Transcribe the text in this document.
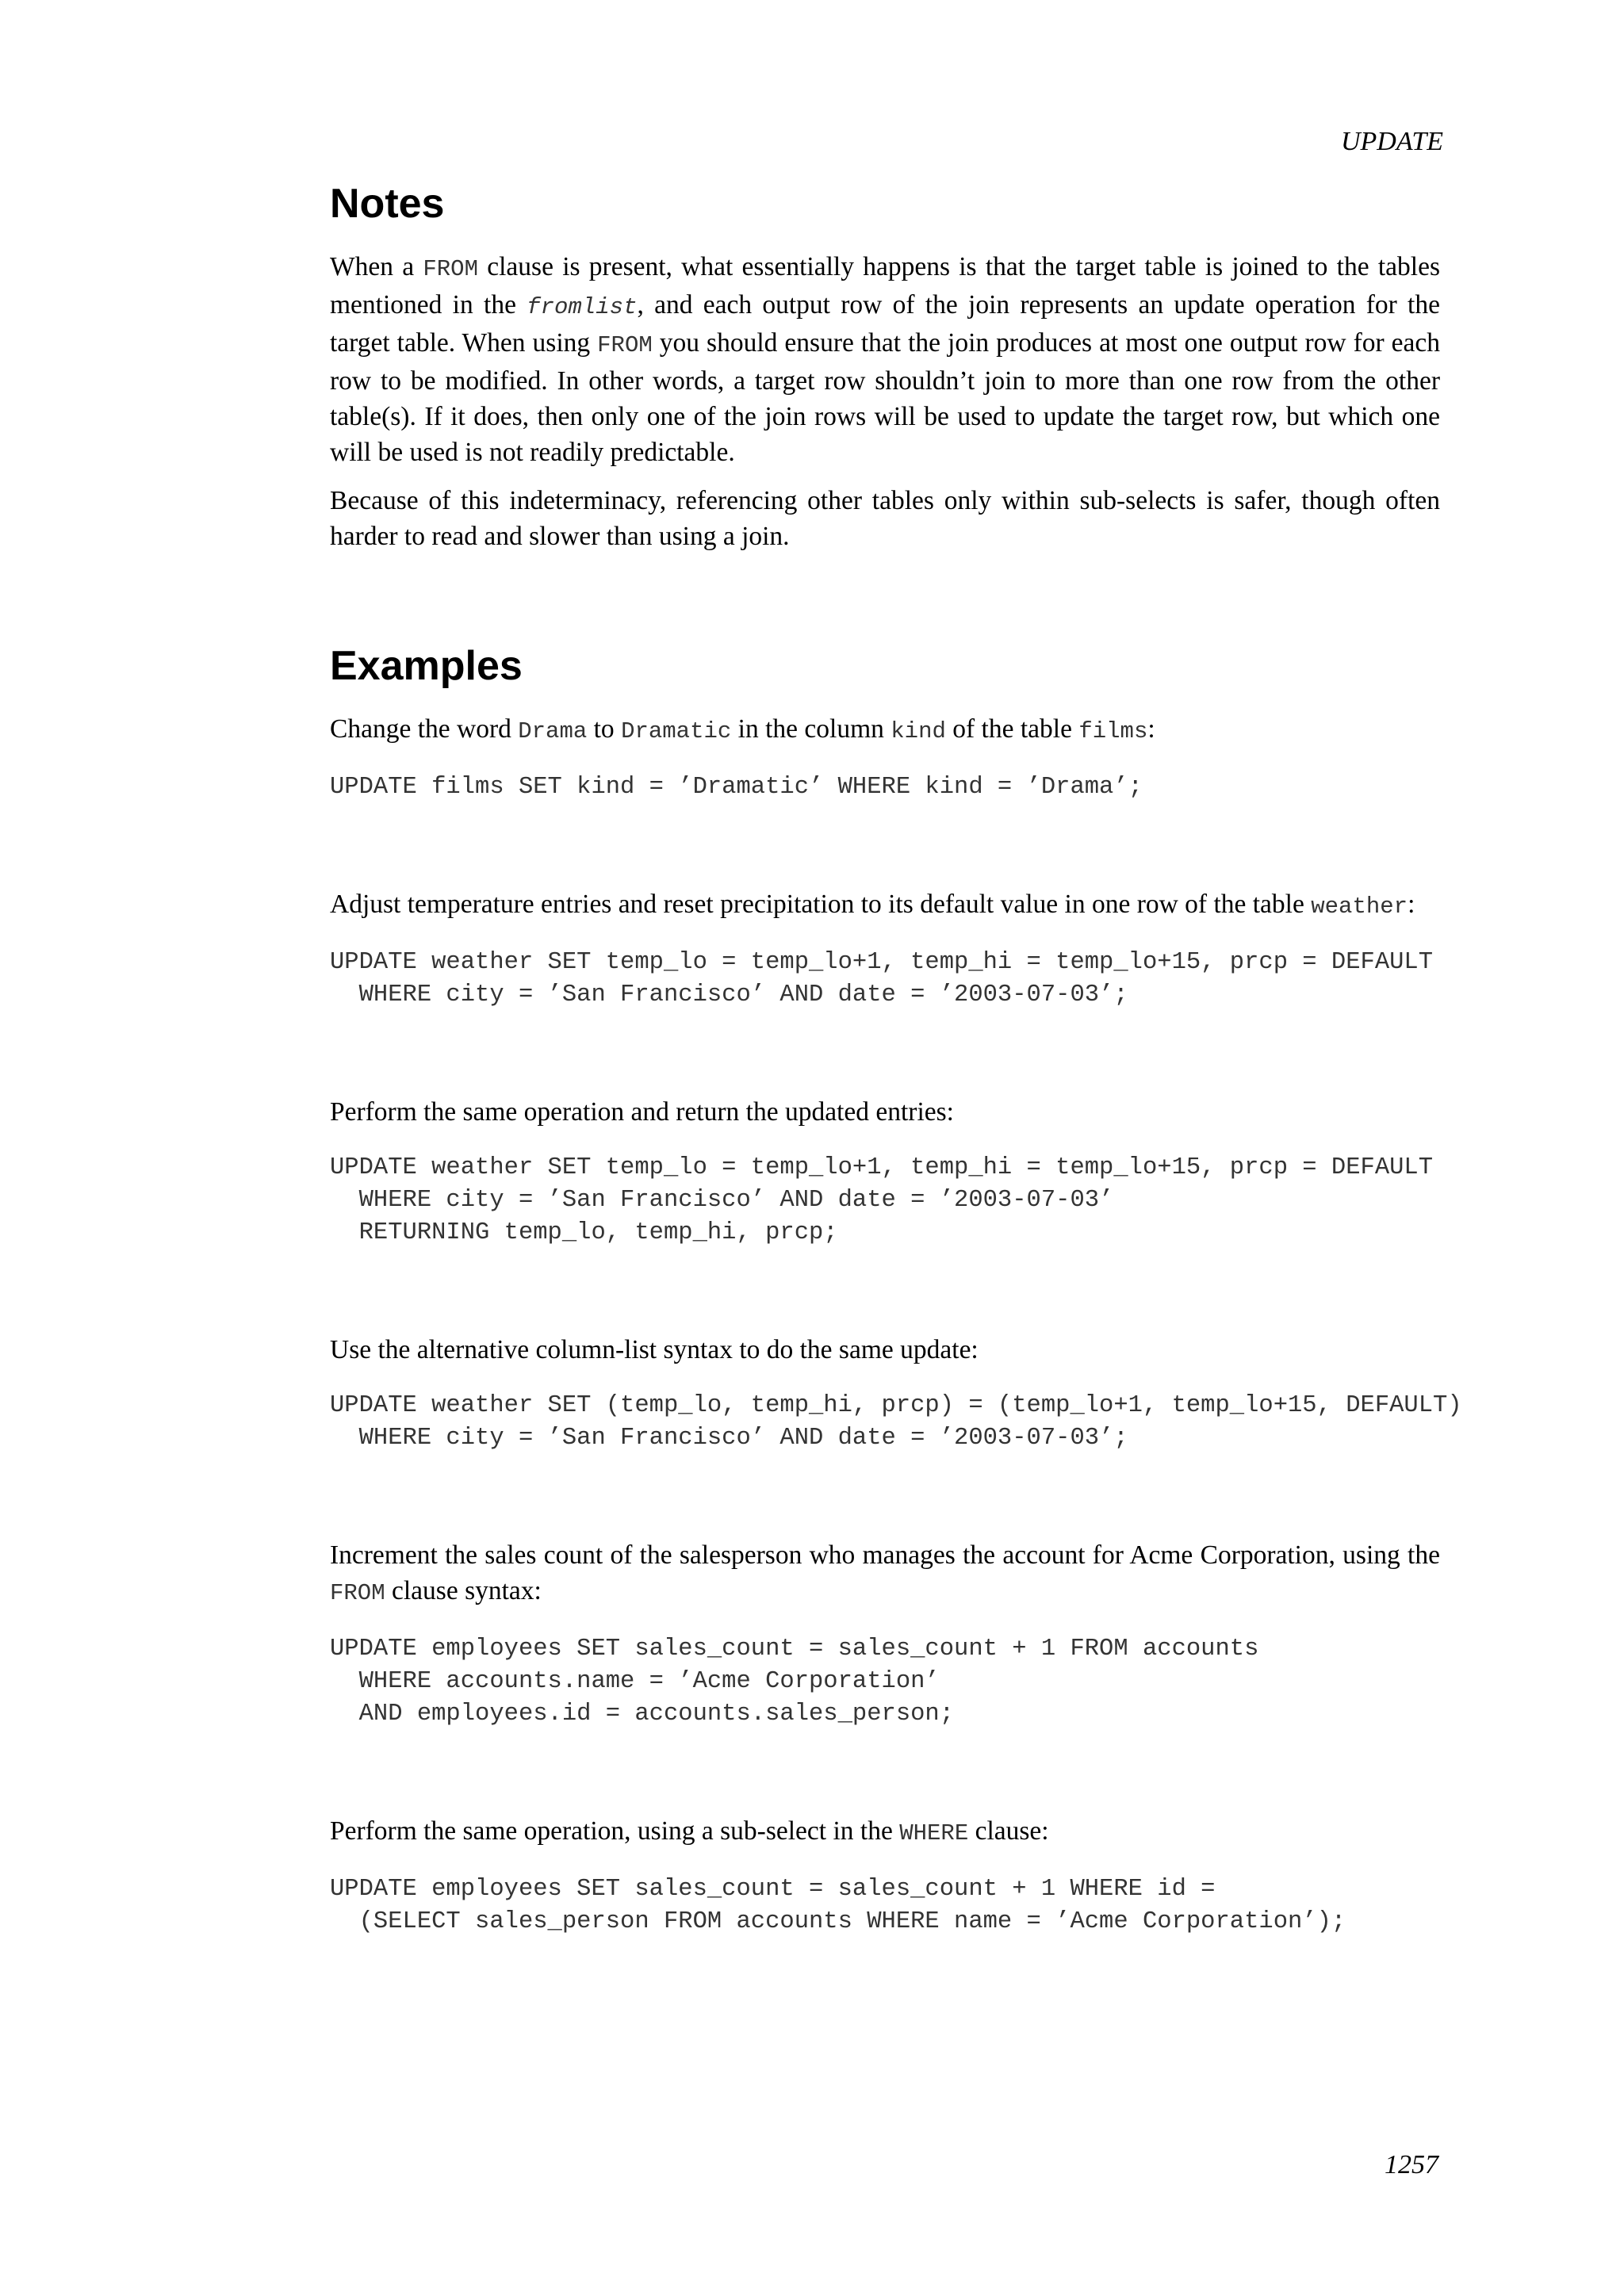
UPDATE
Notes

When a FROM clause is present, what essentially happens is that the target table is joined to the tables mentioned in the fromlist, and each output row of the join represents an update operation for the target table. When using FROM you should ensure that the join produces at most one output row for each row to be modified. In other words, a target row shouldn’t join to more than one row from the other table(s). If it does, then only one of the join rows will be used to update the target row, but which one will be used is not readily predictable.

Because of this indeterminacy, referencing other tables only within sub-selects is safer, though often harder to read and slower than using a join.

Examples

Change the word Drama to Dramatic in the column kind of the table films:

UPDATE films SET kind = ’Dramatic’ WHERE kind = ’Drama’;

Adjust temperature entries and reset precipitation to its default value in one row of the table weather:

UPDATE weather SET temp_lo = temp_lo+1, temp_hi = temp_lo+15, prcp = DEFAULT
WHERE city = ’San Francisco’ AND date = ’2003-07-03’;

Perform the same operation and return the updated entries:

UPDATE weather SET temp_lo = temp_lo+1, temp_hi = temp_lo+15, prcp = DEFAULT
WHERE city = ’San Francisco’ AND date = ’2003-07-03’
RETURNING temp_lo, temp_hi, prcp;

Use the alternative column-list syntax to do the same update:

UPDATE weather SET (temp_lo, temp_hi, prcp) = (temp_lo+1, temp_lo+15, DEFAULT)
WHERE city = ’San Francisco’ AND date = ’2003-07-03’;

Increment the sales count of the salesperson who manages the account for Acme Corporation, using the FROM clause syntax:

UPDATE employees SET sales_count = sales_count + 1 FROM accounts
WHERE accounts.name = ’Acme Corporation’
AND employees.id = accounts.sales_person;

Perform the same operation, using a sub-select in the WHERE clause:

UPDATE employees SET sales_count = sales_count + 1 WHERE id =
(SELECT sales_person FROM accounts WHERE name = ’Acme Corporation’);
1257
